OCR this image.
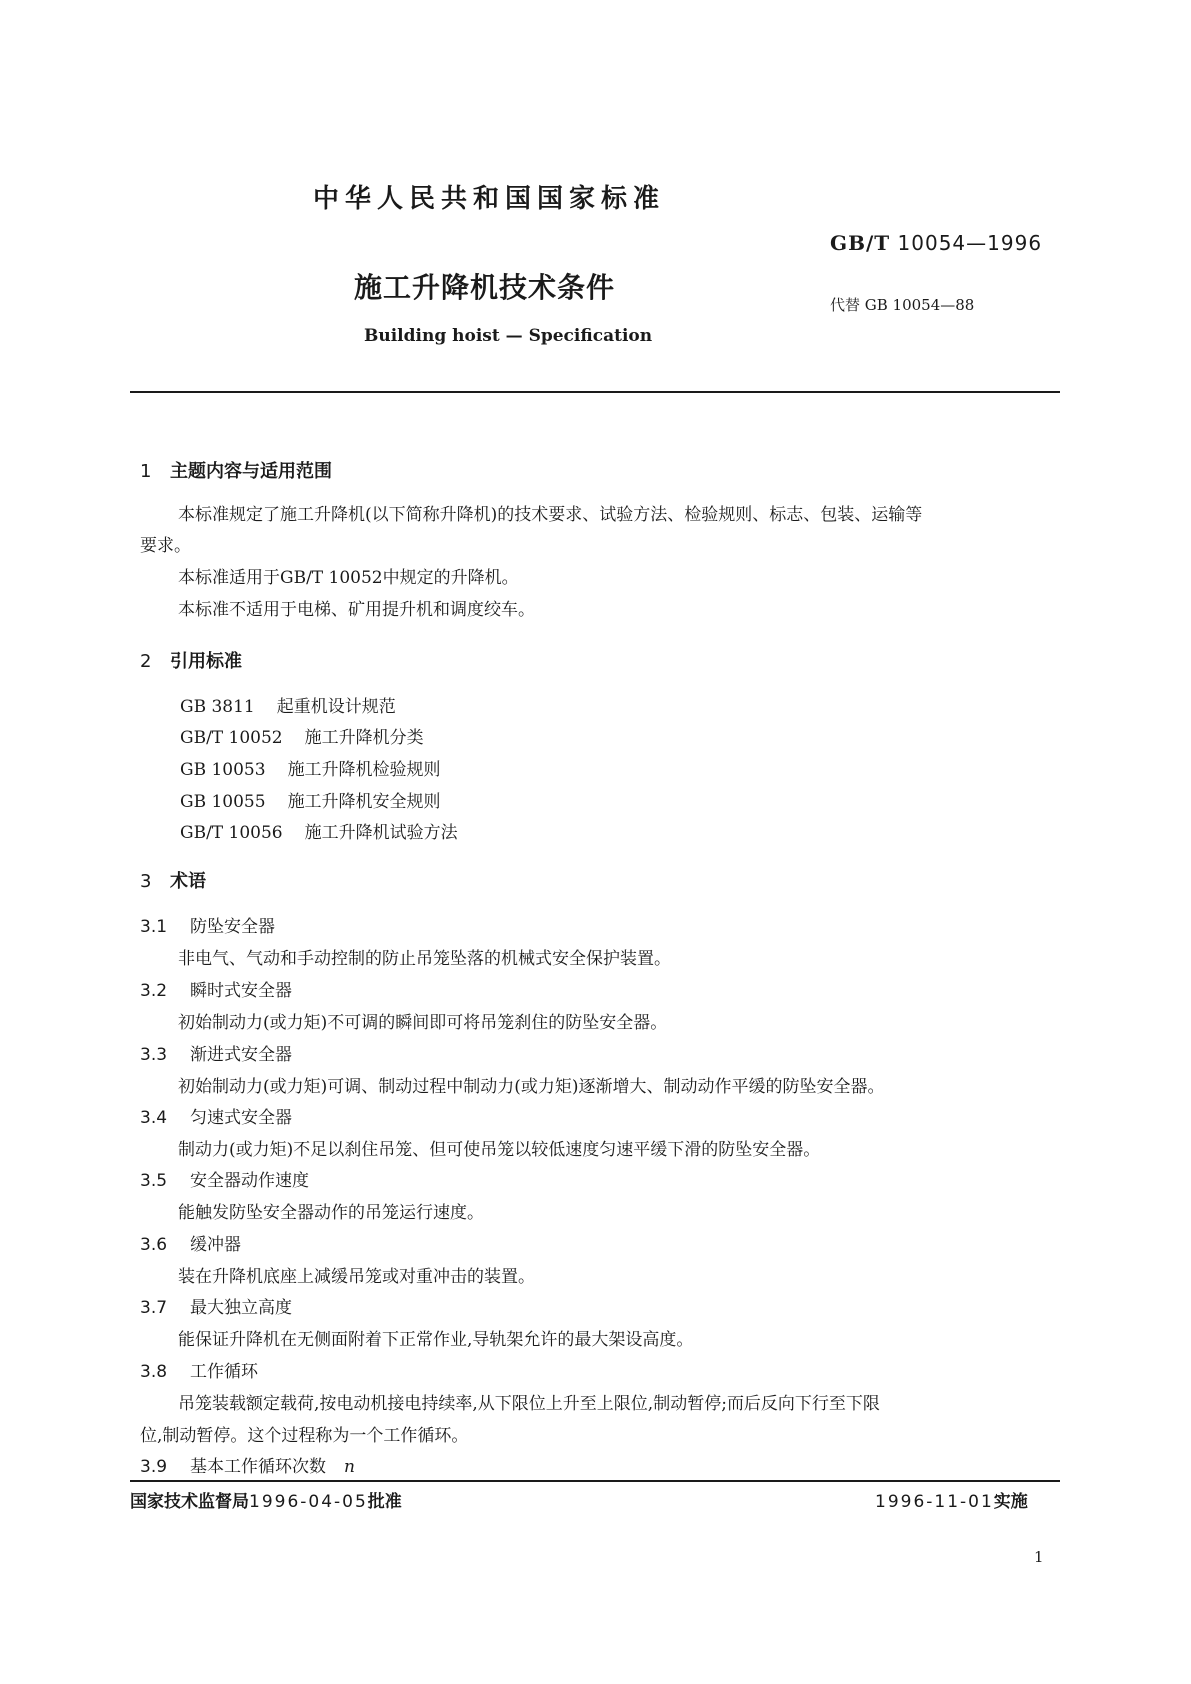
中华人民共和国国家标准
GB/T 10054—1996
施工升降机技术条件
代替 GB 10054—88
Building hoist — Specification
1 主题内容与适用范围
本标准规定了施工升降机(以下简称升降机)的技术要求、试验方法、检验规则、标志、包装、运输等
要求。
本标准适用于GB/T 10052中规定的升降机。
本标准不适用于电梯、矿用提升机和调度绞车。
2 引用标准
GB 3811 起重机设计规范
GB/T 10052 施工升降机分类
GB 10053 施工升降机检验规则
GB 10055 施工升降机安全规则
GB/T 10056 施工升降机试验方法
3 术语
3.1 防坠安全器
非电气、气动和手动控制的防止吊笼坠落的机械式安全保护装置。
3.2 瞬时式安全器
初始制动力(或力矩)不可调的瞬间即可将吊笼刹住的防坠安全器。
3.3 渐进式安全器
初始制动力(或力矩)可调、制动过程中制动力(或力矩)逐渐增大、制动动作平缓的防坠安全器。
3.4 匀速式安全器
制动力(或力矩)不足以刹住吊笼、但可使吊笼以较低速度匀速平缓下滑的防坠安全器。
3.5 安全器动作速度
能触发防坠安全器动作的吊笼运行速度。
3.6 缓冲器
装在升降机底座上减缓吊笼或对重冲击的装置。
3.7 最大独立高度
能保证升降机在无侧面附着下正常作业,导轨架允许的最大架设高度。
3.8 工作循环
吊笼装载额定载荷,按电动机接电持续率,从下限位上升至上限位,制动暂停;而后反向下行至下限
位,制动暂停。这个过程称为一个工作循环。
3.9 基本工作循环次数 n
国家技术监督局1996-04-05批准	1996-11-01实施
1
